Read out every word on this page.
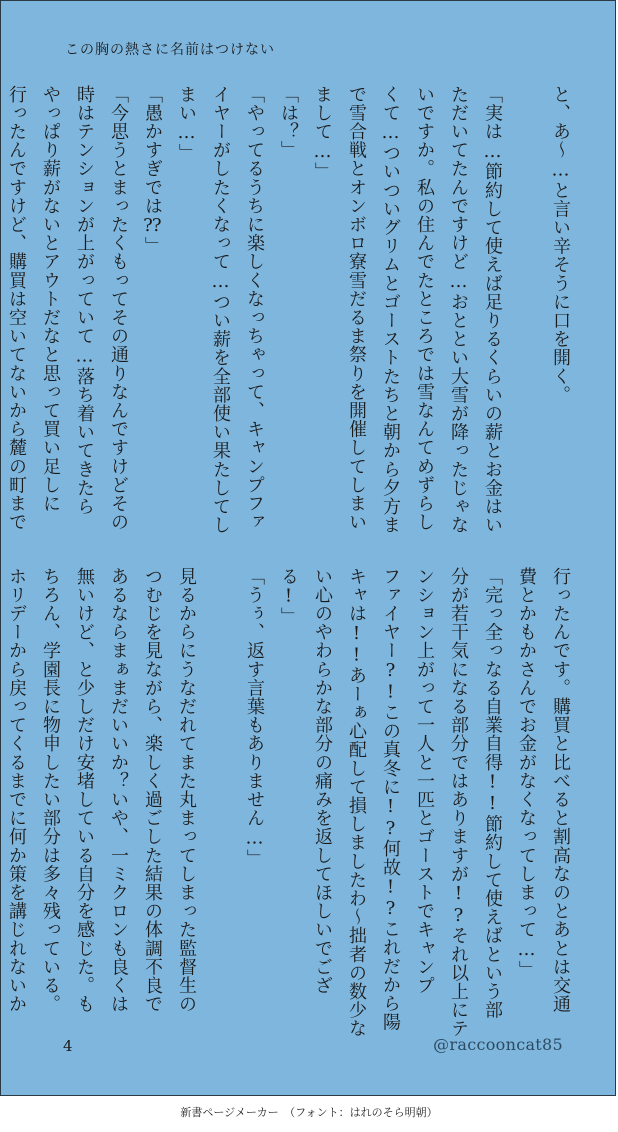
この胸の熱さに名前はつけない
と、あ〜…と言い辛そうに口を開く。

「実は…節約して使えば足りるくらいの薪とお金はい
ただいてたんですけど…おととい大雪が降ったじゃな
いですか。私の住んでたところでは雪なんてめずらし
くて…ついついグリムとゴーストたちと朝から夕方ま
で雪合戦とオンボロ寮雪だるま祭りを開催してしまい
まして…」
「は？」
「やってるうちに楽しくなっちゃって、キャンプファ
イヤーがしたくなって…つい薪を全部使い果たしてし
まい…」
「愚かすぎでは⁇」
「今思うとまったくもってその通りなんですけどその
時はテンションが上がっていて…落ち着いてきたら
やっぱり薪がないとアウトだなと思って買い足しに
行ったんですけど、購買は空いてないから麓の町まで
行ったんです。購買と比べると割高なのとあとは交通
費とかもかさんでお金がなくなってしまって…」
「完っ全っなる自業自得!!節約して使えばという部
分が若干気になる部分ではありますが!?それ以上にテ
ンション上がって一人と一匹とゴーストでキャンプ
ファイヤー?!この真冬に!?何故!?これだから陽
キャは!!あーぁ心配して損しましたわ〜拙者の数少な
い心のやわらかな部分の痛みを返してほしいでござ
る!」
「うぅ、返す言葉もありません…」

見るからにうなだれてまた丸まってしまった監督生の
つむじを見ながら、楽しく過ごした結果の体調不良で
あるならまぁまだいいか？いや、一ミクロンも良くは
無いけど、と少しだけ安堵している自分を感じた。も
ちろん、学園長に物申したい部分は多々残っている。
ホリデーから戻ってくるまでに何か策を講じれないか
4	@raccooncat85
新書ページメーカー　（フォント：はれのそら明朝）
